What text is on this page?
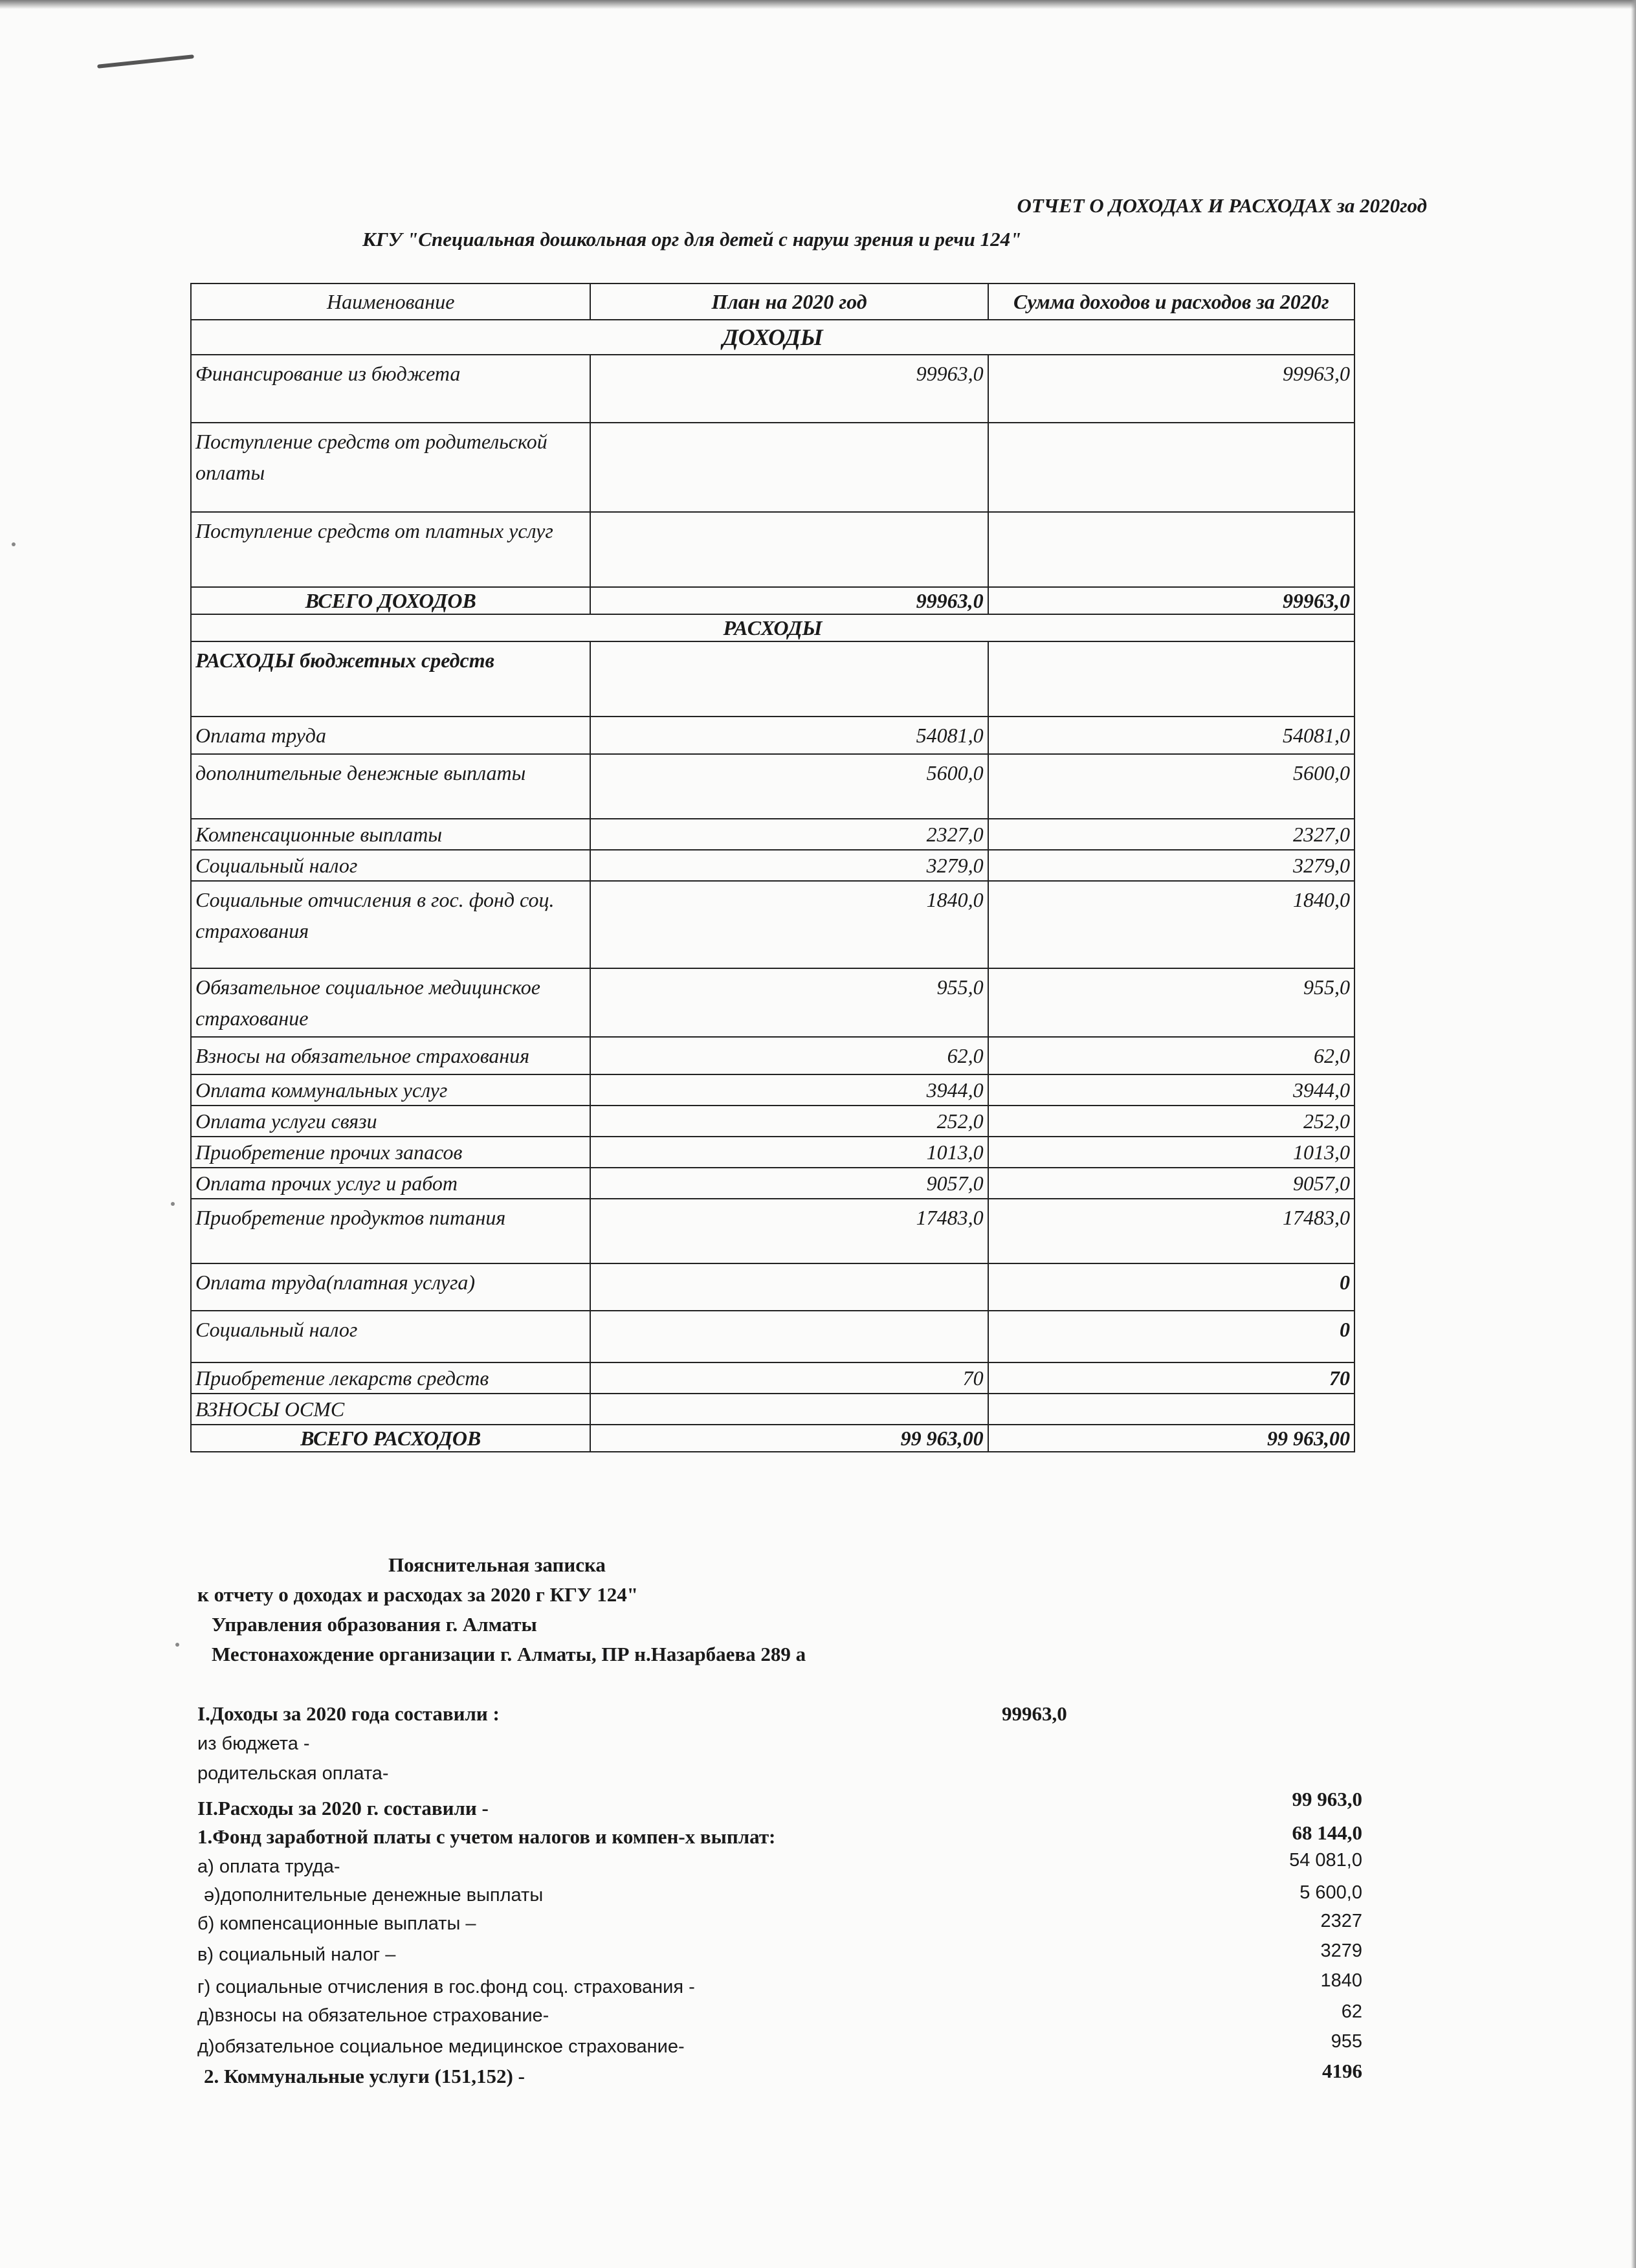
ОТЧЕТ О ДОХОДАХ И РАСХОДАХ за 2020год
КГУ "Специальная дошкольная орг для детей с наруш зрения и речи 124"
Наименование	План на 2020 год	Сумма доходов и расходов за 2020г
ДОХОДЫ		
Финансирование из бюджета	99963,0	99963,0
Поступление средств от родительской оплаты		
Поступление средств от платных услуг		
ВСЕГО ДОХОДОВ	99963,0	99963,0
РАСХОДЫ		
РАСХОДЫ бюджетных средств		
Оплата труда	54081,0	54081,0
дополнительные денежные выплаты	5600,0	5600,0
Компенсационные выплаты	2327,0	2327,0
Социальный налог	3279,0	3279,0
Социальные отчисления в гос. фонд соц. страхования	1840,0	1840,0
Обязательное социальное медицинское страхование	955,0	955,0
Взносы на обязательное страхования	62,0	62,0
Оплата коммунальных услуг	3944,0	3944,0
Оплата услуги связи	252,0	252,0
Приобретение прочих запасов	1013,0	1013,0
Оплата прочих услуг и работ	9057,0	9057,0
Приобретение продуктов питания	17483,0	17483,0
Оплата труда(платная услуга)		0
Социальный налог		0
Приобретение лекарств средств	70	70
ВЗНОСЫ ОСМС		
ВСЕГО РАСХОДОВ	99 963,00	99 963,00
Пояснительная записка
к отчету о доходах и расходах за 2020 г КГУ 124"
Управления образования г. Алматы
Местонахождение организации г. Алматы, ПР н.Назарбаева 289 а
I.Доходы за 2020 года составили :	99963,0
из бюджета -
родительская оплата-
II.Расходы за 2020 г. составили -	99 963,0
1.Фонд заработной платы с учетом налогов и компен-х выплат:	68 144,0
а) оплата труда-	54 081,0
ә)дополнительные денежные выплаты	5 600,0
б) компенсационные выплаты –	2327
в) социальный налог –	3279
г) социальные отчисления в гос.фонд соц. страхования -	1840
д)взносы на обязательное страхование-	62
д)обязательное социальное медицинское страхование-	955
2. Коммунальные услуги (151,152) -	4196
